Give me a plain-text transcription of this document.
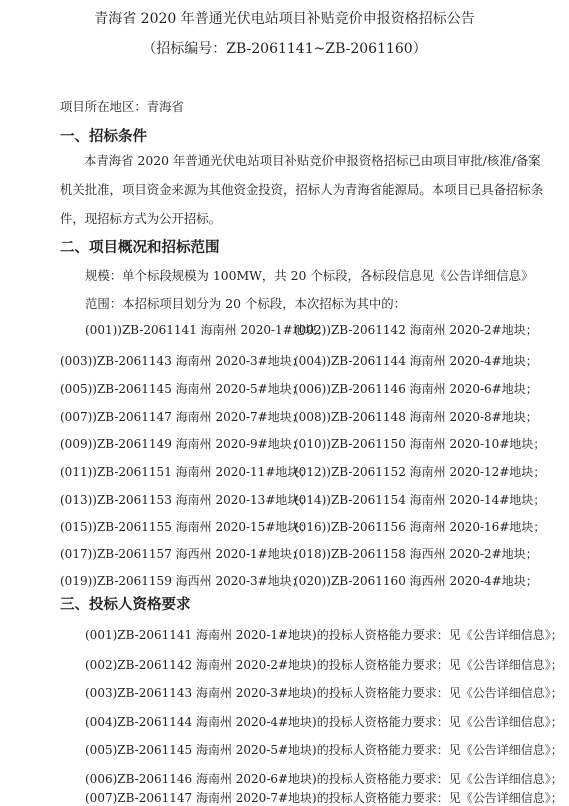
青海省 2020 年普通光伏电站项目补贴竞价申报资格招标公告
（招标编号：ZB-2061141~ZB-2061160）
项目所在地区：青海省
一、招标条件
本青海省 2020 年普通光伏电站项目补贴竞价申报资格招标已由项目审批/核准/备案机关批准，项目资金来源为其他资金投资，招标人为青海省能源局。本项目已具备招标条件，现招标方式为公开招标。
二、项目概况和招标范围
规模：单个标段规模为 100MW，共 20 个标段，各标段信息见《公告详细信息》
范围：本招标项目划分为 20 个标段，本次招标为其中的：
(001))ZB-2061141 海南州 2020-1#地块；
(002))ZB-2061142 海南州 2020-2#地块；
(003))ZB-2061143 海南州 2020-3#地块；
(004))ZB-2061144 海南州 2020-4#地块；
(005))ZB-2061145 海南州 2020-5#地块；
(006))ZB-2061146 海南州 2020-6#地块；
(007))ZB-2061147 海南州 2020-7#地块；
(008))ZB-2061148 海南州 2020-8#地块；
(009))ZB-2061149 海南州 2020-9#地块；
(010))ZB-2061150 海南州 2020-10#地块；
(011))ZB-2061151 海南州 2020-11#地块；
(012))ZB-2061152 海南州 2020-12#地块；
(013))ZB-2061153 海南州 2020-13#地块；
(014))ZB-2061154 海南州 2020-14#地块；
(015))ZB-2061155 海南州 2020-15#地块；
(016))ZB-2061156 海南州 2020-16#地块；
(017))ZB-2061157 海西州 2020-1#地块；
(018))ZB-2061158 海西州 2020-2#地块；
(019))ZB-2061159 海西州 2020-3#地块；
(020))ZB-2061160 海西州 2020-4#地块；
三、投标人资格要求
(001)ZB-2061141 海南州 2020-1#地块)的投标人资格能力要求：见《公告详细信息》；
(002)ZB-2061142 海南州 2020-2#地块)的投标人资格能力要求：见《公告详细信息》；
(003)ZB-2061143 海南州 2020-3#地块)的投标人资格能力要求：见《公告详细信息》；
(004)ZB-2061144 海南州 2020-4#地块)的投标人资格能力要求：见《公告详细信息》；
(005)ZB-2061145 海南州 2020-5#地块)的投标人资格能力要求：见《公告详细信息》；
(006)ZB-2061146 海南州 2020-6#地块)的投标人资格能力要求：见《公告详细信息》；
(007)ZB-2061147 海南州 2020-7#地块)的投标人资格能力要求：见《公告详细信息》；
